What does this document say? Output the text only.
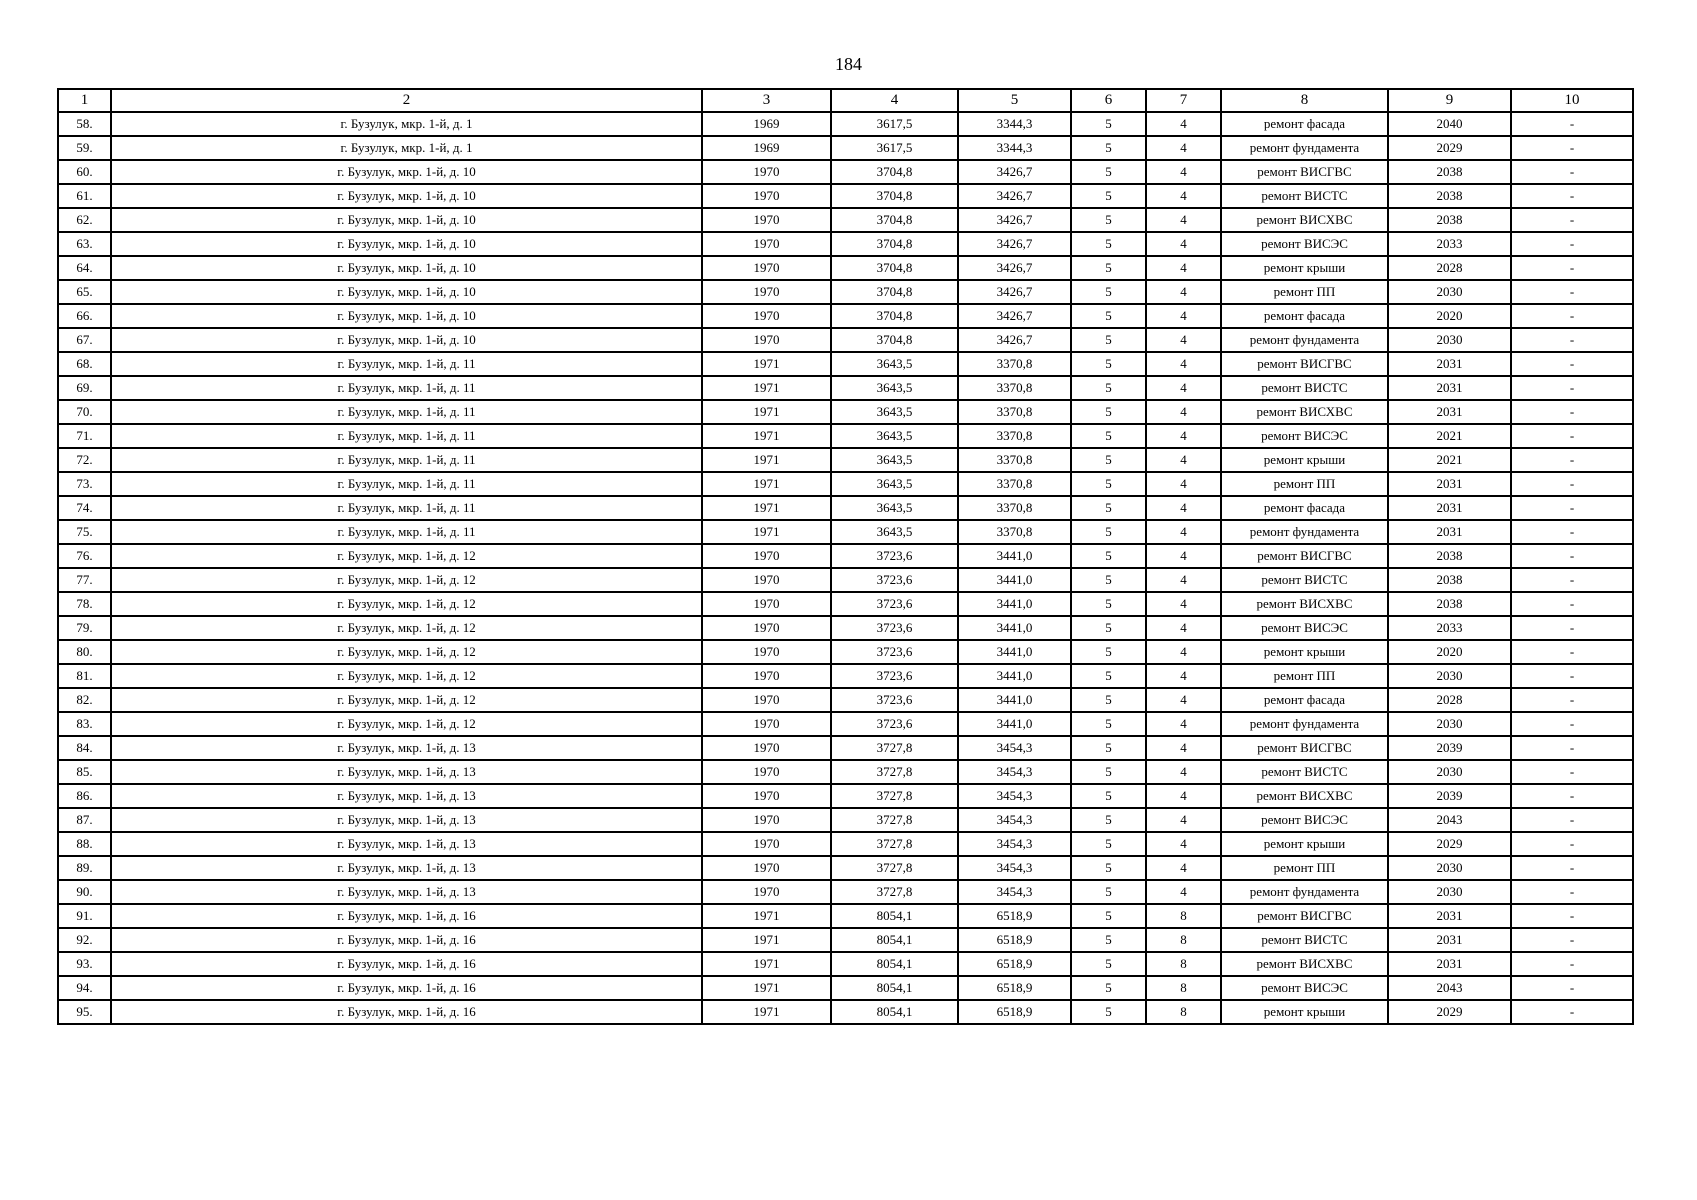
184
1	2	3	4	5	6	7	8	9	10
58.	г. Бузулук, мкр. 1-й, д. 1	1969	3617,5	3344,3	5	4	ремонт фасада	2040	-
59.	г. Бузулук, мкр. 1-й, д. 1	1969	3617,5	3344,3	5	4	ремонт фундамента	2029	-
60.	г. Бузулук, мкр. 1-й, д. 10	1970	3704,8	3426,7	5	4	ремонт ВИСГВС	2038	-
61.	г. Бузулук, мкр. 1-й, д. 10	1970	3704,8	3426,7	5	4	ремонт ВИСТС	2038	-
62.	г. Бузулук, мкр. 1-й, д. 10	1970	3704,8	3426,7	5	4	ремонт ВИСХВС	2038	-
63.	г. Бузулук, мкр. 1-й, д. 10	1970	3704,8	3426,7	5	4	ремонт ВИСЭС	2033	-
64.	г. Бузулук, мкр. 1-й, д. 10	1970	3704,8	3426,7	5	4	ремонт крыши	2028	-
65.	г. Бузулук, мкр. 1-й, д. 10	1970	3704,8	3426,7	5	4	ремонт ПП	2030	-
66.	г. Бузулук, мкр. 1-й, д. 10	1970	3704,8	3426,7	5	4	ремонт фасада	2020	-
67.	г. Бузулук, мкр. 1-й, д. 10	1970	3704,8	3426,7	5	4	ремонт фундамента	2030	-
68.	г. Бузулук, мкр. 1-й, д. 11	1971	3643,5	3370,8	5	4	ремонт ВИСГВС	2031	-
69.	г. Бузулук, мкр. 1-й, д. 11	1971	3643,5	3370,8	5	4	ремонт ВИСТС	2031	-
70.	г. Бузулук, мкр. 1-й, д. 11	1971	3643,5	3370,8	5	4	ремонт ВИСХВС	2031	-
71.	г. Бузулук, мкр. 1-й, д. 11	1971	3643,5	3370,8	5	4	ремонт ВИСЭС	2021	-
72.	г. Бузулук, мкр. 1-й, д. 11	1971	3643,5	3370,8	5	4	ремонт крыши	2021	-
73.	г. Бузулук, мкр. 1-й, д. 11	1971	3643,5	3370,8	5	4	ремонт ПП	2031	-
74.	г. Бузулук, мкр. 1-й, д. 11	1971	3643,5	3370,8	5	4	ремонт фасада	2031	-
75.	г. Бузулук, мкр. 1-й, д. 11	1971	3643,5	3370,8	5	4	ремонт фундамента	2031	-
76.	г. Бузулук, мкр. 1-й, д. 12	1970	3723,6	3441,0	5	4	ремонт ВИСГВС	2038	-
77.	г. Бузулук, мкр. 1-й, д. 12	1970	3723,6	3441,0	5	4	ремонт ВИСТС	2038	-
78.	г. Бузулук, мкр. 1-й, д. 12	1970	3723,6	3441,0	5	4	ремонт ВИСХВС	2038	-
79.	г. Бузулук, мкр. 1-й, д. 12	1970	3723,6	3441,0	5	4	ремонт ВИСЭС	2033	-
80.	г. Бузулук, мкр. 1-й, д. 12	1970	3723,6	3441,0	5	4	ремонт крыши	2020	-
81.	г. Бузулук, мкр. 1-й, д. 12	1970	3723,6	3441,0	5	4	ремонт ПП	2030	-
82.	г. Бузулук, мкр. 1-й, д. 12	1970	3723,6	3441,0	5	4	ремонт фасада	2028	-
83.	г. Бузулук, мкр. 1-й, д. 12	1970	3723,6	3441,0	5	4	ремонт фундамента	2030	-
84.	г. Бузулук, мкр. 1-й, д. 13	1970	3727,8	3454,3	5	4	ремонт ВИСГВС	2039	-
85.	г. Бузулук, мкр. 1-й, д. 13	1970	3727,8	3454,3	5	4	ремонт ВИСТС	2030	-
86.	г. Бузулук, мкр. 1-й, д. 13	1970	3727,8	3454,3	5	4	ремонт ВИСХВС	2039	-
87.	г. Бузулук, мкр. 1-й, д. 13	1970	3727,8	3454,3	5	4	ремонт ВИСЭС	2043	-
88.	г. Бузулук, мкр. 1-й, д. 13	1970	3727,8	3454,3	5	4	ремонт крыши	2029	-
89.	г. Бузулук, мкр. 1-й, д. 13	1970	3727,8	3454,3	5	4	ремонт ПП	2030	-
90.	г. Бузулук, мкр. 1-й, д. 13	1970	3727,8	3454,3	5	4	ремонт фундамента	2030	-
91.	г. Бузулук, мкр. 1-й, д. 16	1971	8054,1	6518,9	5	8	ремонт ВИСГВС	2031	-
92.	г. Бузулук, мкр. 1-й, д. 16	1971	8054,1	6518,9	5	8	ремонт ВИСТС	2031	-
93.	г. Бузулук, мкр. 1-й, д. 16	1971	8054,1	6518,9	5	8	ремонт ВИСХВС	2031	-
94.	г. Бузулук, мкр. 1-й, д. 16	1971	8054,1	6518,9	5	8	ремонт ВИСЭС	2043	-
95.	г. Бузулук, мкр. 1-й, д. 16	1971	8054,1	6518,9	5	8	ремонт крыши	2029	-
